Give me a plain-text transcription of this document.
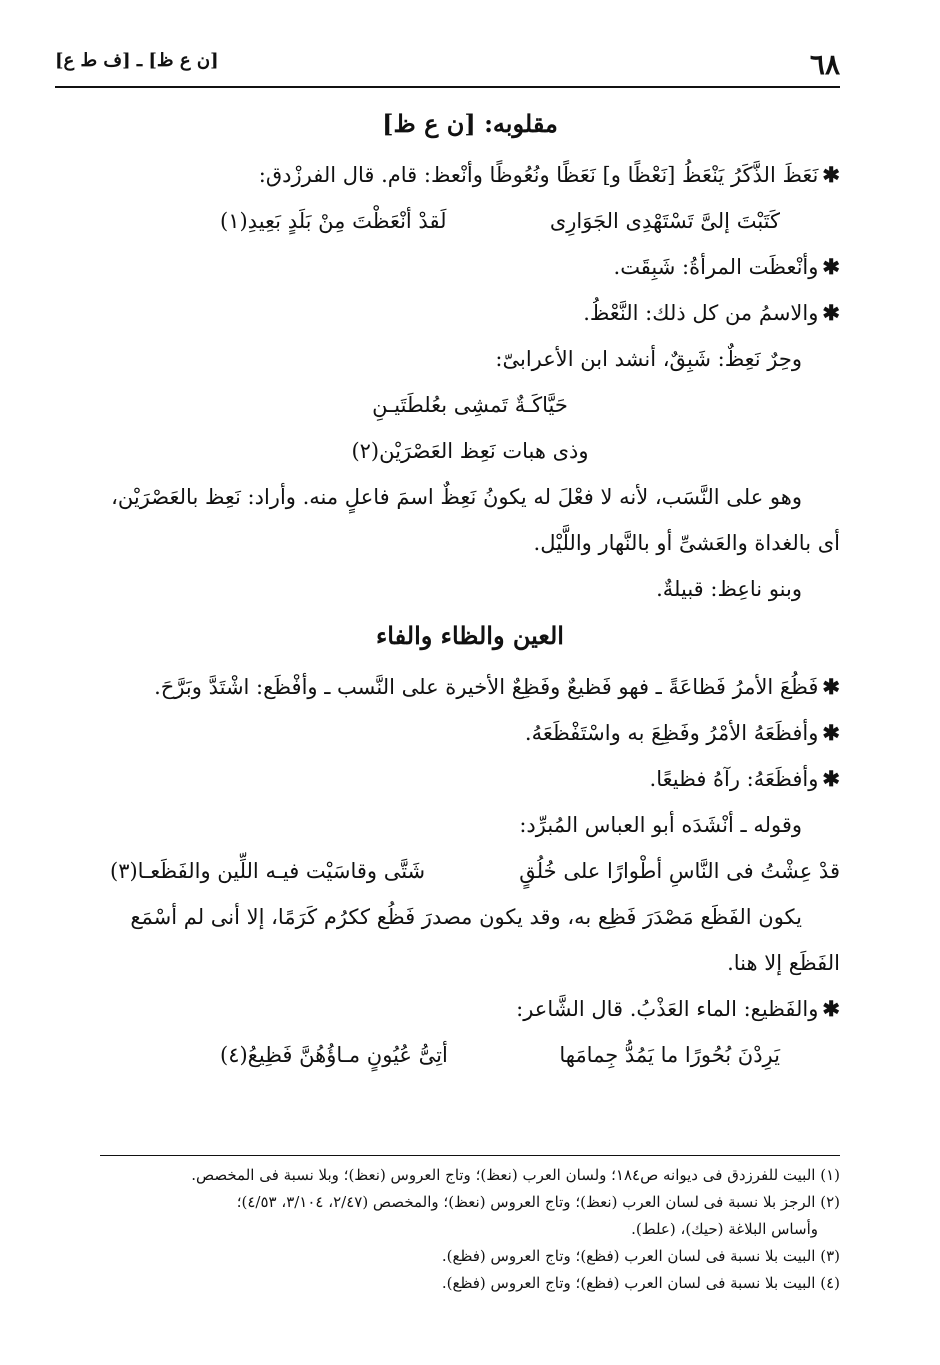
٦٨
[ن ع ظ] ـ [ف ط ع]
مقلوبه: [ن ع ظ]
✱نَعَظَ الذَّكَرُ يَنْعَظُ [نَعْظًا و] نَعَظًا ونُعُوظًا وأنْعظ: قام. قال الفرزْدق:
كَتَبْتَ إلىَّ تَسْتَهْدِى الجَوَارِى
لَقدْ أنْعَظْتَ مِنْ بَلَدٍ بَعِيدِ(١)
✱وأنْعظَت المرأةُ: شَبِقَت.
✱والاسمُ من كل ذلك: النَّعْظُ.
وحِرٌ نَعِظٌ: شَبِقٌ، أنشد ابن الأعرابىّ:
حَيَّاكَـةٌ تَمشِى بعُلطَتَيـنِ
وذى هبات نَعِظ العَصْرَيْن(٢)
وهو على النَّسَب، لأنه لا فعْلَ له يكونُ نَعِظٌ اسمَ فاعلٍ منه. وأراد: نَعِظ بالعَصْرَيْن،
أى بالغداة والعَشىِّ أو بالنَّهار واللَّيْل.
وبنو ناعِظ: قبيلةٌ.
العين والظاء والفاء
✱فَظُعَ الأمرُ فَظاعَةً ـ فهو فَظيعٌ وفَظِعٌ الأخيرة على النَّسب ـ وأفْظَع: اشْتَدَّ وبَرَّحَ.
✱وأفظَعَهُ الأمْرُ وفَظِعَ به واسْتَفْظَعَهُ.
✱وأفظَعَهُ: رآهُ فظيعًا.
وقوله ـ أنْشَدَه أبو العباس المُبرِّد:
قدْ عِشْتُ فى النَّاسِ أطْوارًا على خُلُقٍ
شَتَّى وقاسَيْت فيـه اللِّين والفَظَعـا(٣)
يكون الفَظَع مَصْدَرَ فَظِع به، وقد يكون مصدرَ فَظُع ككرُم كَرَمًا، إلا أنى لم أسْمَع
الفَظَع إلا هنا.
✱والفَظيع: الماء العَذْبُ. قال الشَّاعر:
يَرِدْنَ بُحُورًا ما يَمُدُّ جِمامَها
أتِىُّ عُيُونٍ مـاؤُهُنَّ فَظِيعُ(٤)
(١) البيت للفرزدق فى ديوانه ص١٨٤؛ ولسان العرب (نعظ)؛ وتاج العروس (نعظ)؛ وبلا نسبة فى المخصص.
(٢) الرجز بلا نسبة فى لسان العرب (نعظ)؛ وتاج العروس (نعظ)؛ والمخصص (٢/٤٧، ٣/١٠٤، ٤/٥٣)؛
وأساس البلاغة (حيك)، (علط).
(٣) البيت بلا نسبة فى لسان العرب (فظع)؛ وتاج العروس (فظع).
(٤) البيت بلا نسبة فى لسان العرب (فظع)؛ وتاج العروس (فظع).
